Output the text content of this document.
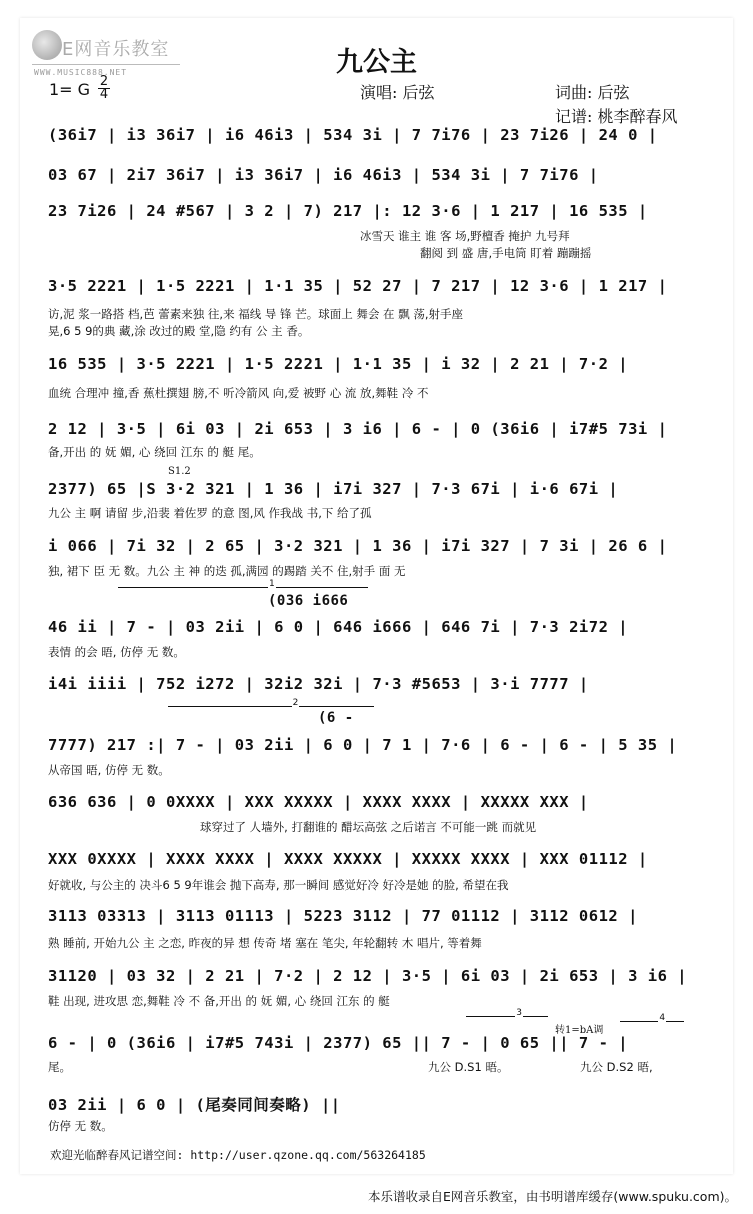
E网音乐教室
WWW.MUSIC888.NET	九公主
1= G 2
4	演唱: 后弦	词曲: 后弦
记谱: 桃李醉春风
(36i7 | i3 36i7 | i6 46i3 | 534 3i | 7 7i76 | 23 7i26 | 24 0 |
03 67 | 2i7 36i7 | i3 36i7 | i6 46i3 | 534 3i | 7 7i76 |
23 7i26 | 24 #567 | 3 2 | 7) 217 |: 12 3·6 | 1 217 | 16 535 |
冰雪天 谁主 谁 客 场,野檀香 掩护 九号拜
翻阅 到 盛 唐,手电筒 盯着 蹦蹦摇
3·5 2221 | 1·5 2221 | 1·1 35 | 52 27 | 7 217 | 12 3·6 | 1 217 |
访,泥 浆一路搭 档,芭 蕾素来独 往,来 福线 导 锋 芒。球面上 舞会 在 飘 荡,射手座
晃,6 5 9的典 藏,涂 改过的殿 堂,隐 约有 公 主 香。
16 535 | 3·5 2221 | 1·5 2221 | 1·1 35 | i 32 | 2 21 | 7·2 |
血统 合理冲 撞,香 蕉杜撰翅 膀,不 听冷箭风 向,爱 被野 心 流 放,舞鞋 冷 不
2 12 | 3·5 | 6i 03 | 2i 653 | 3 i6 | 6 - | 0 (36i6 | i7#5 73i |
备,开出 的 妩 媚, 心 绕回 江东 的 艇 尾。
S1.2
2377) 65 |S 3·2 321 | 1 36 | i7i 327 | 7·3 67i | i·6 67i |
九公 主 啊 请留 步,沿裴 着佐罗 的意 图,风 作我战 书,下 给了孤
i 066 | 7i 32 | 2 65 | 3·2 321 | 1 36 | i7i 327 | 7 3i | 26 6 |
独, 裙下 臣 无 数。九公 主 神 的迭 孤,满园 的踢踏 关不 住,射手 面 无
1
(036 i666
46 ii | 7 - | 03 2ii | 6 0 | 646 i666 | 646 7i | 7·3 2i72 |
表情 的会 晤, 仿停 无 数。
i4i iiii | 752 i272 | 32i2 32i | 7·3 #5653 | 3·i 7777 |
2
(6 -
7777) 217 :| 7 - | 03 2ii | 6 0 | 7 1 | 7·6 | 6 - | 6 - | 5 35 |
从帝国 晤, 仿停 无 数。
636 636 | 0 0XXXX | XXX XXXXX | XXXX XXXX | XXXXX XXX |
球穿过了 人墙外, 打翻谁的 醋坛高弦 之后诺言 不可能一跳 而就见
XXX 0XXXX | XXXX XXXX | XXXX XXXXX | XXXXX XXXX | XXX 01112 |
好就收, 与公主的 决斗6 5 9年谁会 抛下高寿, 那一瞬间 感觉好冷 好冷是她 的脸, 希望在我
3113 03313 | 3113 01113 | 5223 3112 | 77 01112 | 3112 0612 |
熟 睡前, 开始九公 主 之恋, 昨夜的异 想 传奇 堵 塞在 笔尖, 年轮翻转 木 唱片, 等着舞
31120 | 03 32 | 2 21 | 7·2 | 2 12 | 3·5 | 6i 03 | 2i 653 | 3 i6 |
鞋 出现, 进攻思 恋,舞鞋 冷 不 备,开出 的 妩 媚, 心 绕回 江东 的 艇
3	4
转1=bA调
6 - | 0 (36i6 | i7#5 743i | 2377) 65 || 7 - | 0 65 || 7 - |
尾。	九公 D.S1 晤。	九公 D.S2 晤,
03 2ii | 6 0 | (尾奏同间奏略) ||
仿停 无 数。
欢迎光临醉春风记谱空间: http://user.qzone.qq.com/563264185
本乐谱收录自E网音乐教室，由书明谱库缓存(www.spuku.com)。
